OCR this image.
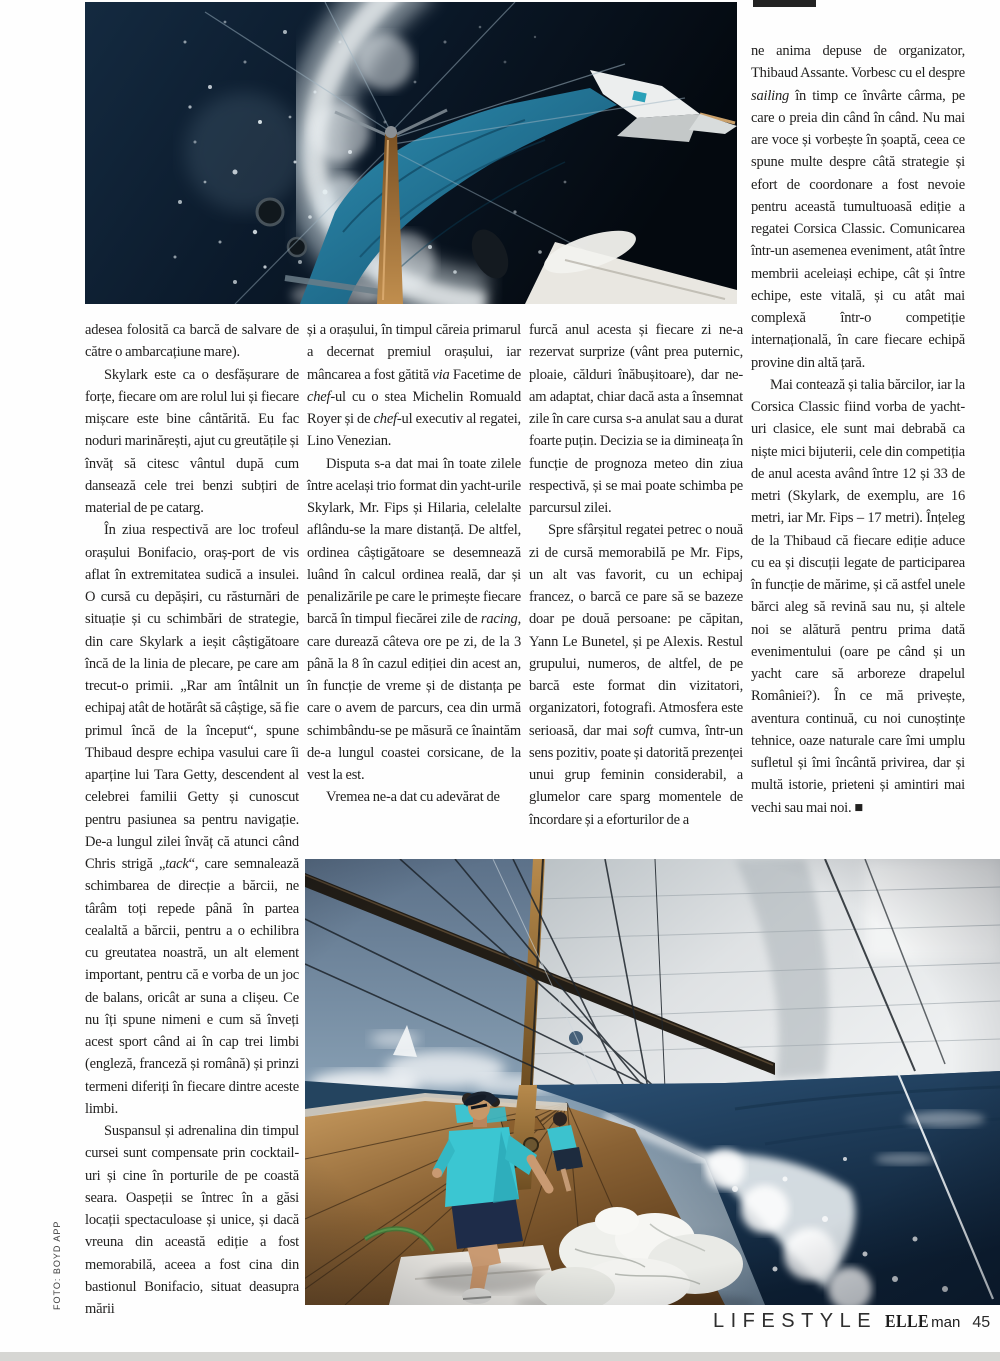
adesea folosită ca barcă de salvare de către o ambarcațiune mare).

Skylark este ca o desfășurare de forțe, fiecare om are rolul lui și fiecare mișcare este bine cântărită. Eu fac noduri marinărești, ajut cu greutățile și învăț să citesc vântul după cum dansează cele trei benzi subțiri de material de pe catarg.

În ziua respectivă are loc trofeul orașului Bonifacio, oraș-port de vis aflat în extremitatea sudică a insulei. O cursă cu depășiri, cu răsturnări de situație și cu schimbări de strategie, din care Skylark a ieșit câștigătoare încă de la linia de plecare, pe care am trecut-o primii. „Rar am întâlnit un echipaj atât de hotărât să câștige, să fie primul încă de la început“, spune Thibaud despre echipa vasului care îi aparține lui Tara Getty, descendent al celebrei familii Getty și cunoscut pentru pasiunea sa pentru navigație. De-a lungul zilei învăț că atunci când Chris strigă „tack“, care semnalează schimbarea de direcție a bărcii, ne târâm toți repede până în partea cealaltă a bărcii, pentru a o echilibra cu greutatea noastră, un alt element important, pentru că e vorba de un joc de balans, oricât ar suna a clișeu. Ce nu îți spune nimeni e cum să înveți acest sport când ai în cap trei limbi (engleză, franceză și română) și prinzi termeni diferiți în fiecare dintre aceste limbi.

Suspansul și adrenalina din timpul cursei sunt compensate prin cocktail-uri și cine în porturile de pe coastă seara. Oaspeții se întrec în a găsi locații spectaculoase și unice, și dacă vreuna din această ediție a fost memorabilă, aceea a fost cina din bastionul Bonifacio, situat deasupra mării

și a orașului, în timpul căreia primarul a decernat premiul orașului, iar mâncarea a fost gătită via Facetime de chef-ul cu o stea Michelin Romuald Royer și de chef-ul executiv al regatei, Lino Venezian.

Disputa s-a dat mai în toate zilele între același trio format din yacht-urile Skylark, Mr. Fips și Hilaria, celelalte aflându-se la mare distanță. De altfel, ordinea câștigătoare se desemnează luând în calcul ordinea reală, dar și penalizările pe care le primește fiecare barcă în timpul fiecărei zile de racing, care durează câteva ore pe zi, de la 3 până la 8 în cazul ediției din acest an, în funcție de vreme și de distanța pe care o avem de parcurs, cea din urmă schimbându-se pe măsură ce înaintăm de-a lungul coastei corsicane, de la vest la est.

Vremea ne-a dat cu adevărat de

furcă anul acesta și fiecare zi ne-a rezervat surprize (vânt prea puternic, ploaie, călduri înăbușitoare), dar ne-am adaptat, chiar dacă asta a însemnat zile în care cursa s-a anulat sau a durat foarte puțin. Decizia se ia dimineața în funcție de prognoza meteo din ziua respectivă, și se mai poate schimba pe parcursul zilei.

Spre sfârșitul regatei petrec o nouă zi de cursă memorabilă pe Mr. Fips, un alt vas favorit, cu un echipaj francez, o barcă ce pare să se bazeze doar pe două persoane: pe căpitan, Yann Le Bunetel, și pe Alexis. Restul grupului, numeros, de altfel, de pe barcă este format din vizitatori, organizatori, fotografi. Atmosfera este serioasă, dar mai soft cumva, într-un sens pozitiv, poate și datorită prezenței unui grup feminin considerabil, a glumelor care sparg momentele de încordare și a eforturilor de a

ne anima depuse de organizator, Thibaud Assante. Vorbesc cu el despre sailing în timp ce învârte cârma, pe care o preia din când în când. Nu mai are voce și vorbește în șoaptă, ceea ce spune multe despre câtă strategie și efort de coordonare a fost nevoie pentru această tumultuoasă ediție a regatei Corsica Classic. Comunicarea într-un asemenea eveniment, atât între membrii aceleiași echipe, cât și între echipe, este vitală, și cu atât mai complexă într-o competiție internațională, în care fiecare echipă provine din altă țară.

Mai contează și talia bărcilor, iar la Corsica Classic fiind vorba de yacht-uri clasice, ele sunt mai debrabă ca niște mici bijuterii, cele din competiția de anul acesta având între 12 și 33 de metri (Skylark, de exemplu, are 16 metri, iar Mr. Fips – 17 metri). Înțeleg de la Thibaud că fiecare ediție aduce cu ea și discuții legate de participarea în funcție de mărime, și că astfel unele bărci aleg să revină sau nu, și altele noi se alătură pentru prima dată evenimentului (oare pe când și un yacht care să arboreze drapelul României?). În ce mă privește, aventura continuă, cu noi cunoștințe tehnice, oaze naturale care îmi umplu sufletul și îmi încântă privirea, dar și multă istorie, prieteni și amintiri mai vechi sau mai noi. ■

FOTO: BOYD APP
LIFESTYLE ELLE man 45
